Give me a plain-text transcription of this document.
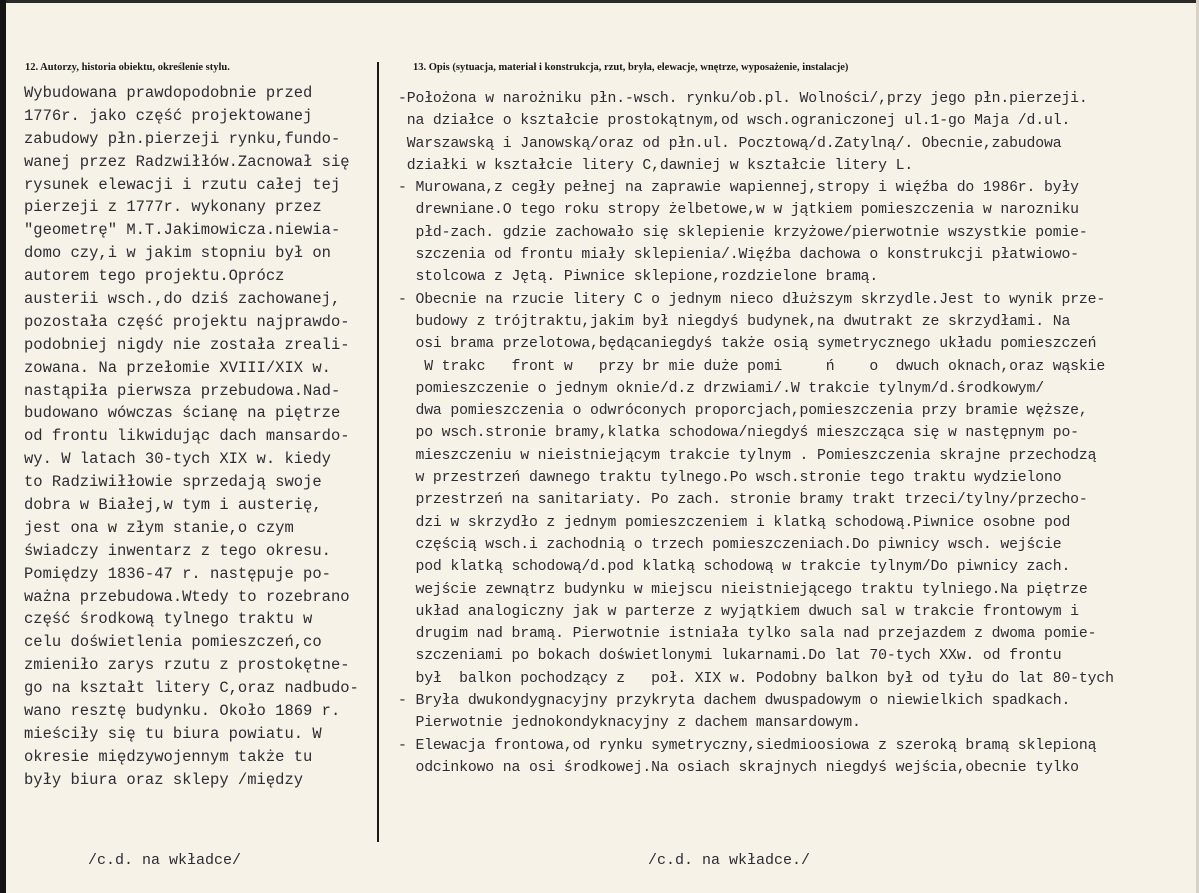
12. Autorzy, historia obiektu, określenie stylu.	13. Opis (sytuacja, materiał i konstrukcja, rzut, bryła, elewacje, wnętrze, wyposażenie, instalacje)
Wybudowana prawdopodobnie przed
1776r. jako część projektowanej
zabudowy płn.pierzeji rynku,fundo-
wanej przez Radzwiłłów.Zacnował się
rysunek elewacji i rzutu całej tej
pierzeji z 1777r. wykonany przez
"geometrę" M.T.Jakimowicza.niewia-
domo czy,i w jakim stopniu był on
autorem tego projektu.Oprócz
austerii wsch.,do dziś zachowanej,
pozostała część projektu najprawdo-
podobniej nigdy nie została zreali-
zowana. Na przełomie XVIII/XIX w.
nastąpiła pierwsza przebudowa.Nad-
budowano wówczas ścianę na piętrze
od frontu likwidując dach mansardo-
wy. W latach 30-tych XIX w. kiedy
to Radziwiłłowie sprzedają swoje
dobra w Białej,w tym i austerię,
jest ona w złym stanie,o czym
świadczy inwentarz z tego okresu.
Pomiędzy 1836-47 r. następuje po-
ważna przebudowa.Wtedy to rozebrano
część środkową tylnego traktu w
celu doświetlenia pomieszczeń,co
zmieniło zarys rzutu z prostokętne-
go na kształt litery C,oraz nadbudo-
wano resztę budynku. Około 1869 r.
mieściły się tu biura powiatu. W
okresie międzywojennym także tu
były biura oraz sklepy /między
-Położona w narożniku płn.-wsch. rynku/ob.pl. Wolności/,przy jego płn.pierzeji.
na działce o kształcie prostokątnym,od wsch.ograniczonej ul.1-go Maja /d.ul.
Warszawską i Janowską/oraz od płn.ul. Pocztową/d.Zatylną/. Obecnie,zabudowa
działki w kształcie litery C,dawniej w kształcie litery L.
- Murowana,z cegły pełnej na zaprawie wapiennej,stropy i więźba do 1986r. były
drewniane.O tego roku stropy żelbetowe,w w jątkiem pomieszczenia w narozniku
płd-zach. gdzie zachowało się sklepienie krzyżowe/pierwotnie wszystkie pomie-
szczenia od frontu miały sklepienia/.Więźba dachowa o konstrukcji płatwiowo-
stolcowa z Jętą. Piwnice sklepione,rozdzielone bramą.
- Obecnie na rzucie litery C o jednym nieco dłuższym skrzydle.Jest to wynik prze-
budowy z trójtraktu,jakim był niegdyś budynek,na dwutrakt ze skrzydłami. Na
osi brama przelotowa,będącaniegdyś także osią symetrycznego układu pomieszczeń
W trakc   front w   przy br mie duże pomi     ń    o  dwuch oknach,oraz wąskie
pomieszczenie o jednym oknie/d.z drzwiami/.W trakcie tylnym/d.środkowym/
dwa pomieszczenia o odwróconych proporcjach,pomieszczenia przy bramie węższe,
po wsch.stronie bramy,klatka schodowa/niegdyś mieszcząca się w następnym po-
mieszczeniu w nieistniejącym trakcie tylnym . Pomieszczenia skrajne przechodzą
w przestrzeń dawnego traktu tylnego.Po wsch.stronie tego traktu wydzielono
przestrzeń na sanitariaty. Po zach. stronie bramy trakt trzeci/tylny/przecho-
dzi w skrzydło z jednym pomieszczeniem i klatką schodową.Piwnice osobne pod
częścią wsch.i zachodnią o trzech pomieszczeniach.Do piwnicy wsch. wejście
pod klatką schodową/d.pod klatką schodową w trakcie tylnym/Do piwnicy zach.
wejście zewnątrz budynku w miejscu nieistniejącego traktu tylniego.Na piętrze
układ analogiczny jak w parterze z wyjątkiem dwuch sal w trakcie frontowym i
drugim nad bramą. Pierwotnie istniała tylko sala nad przejazdem z dwoma pomie-
szczeniami po bokach doświetlonymi lukarnami.Do lat 70-tych XXw. od frontu
był  balkon pochodzący z   poł. XIX w. Podobny balkon był od tyłu do lat 80-tych
- Bryła dwukondygnacyjny przykryta dachem dwuspadowym o niewielkich spadkach.
Pierwotnie jednokondyknacyjny z dachem mansardowym.
- Elewacja frontowa,od rynku symetryczny,siedmioosiowa z szeroką bramą sklepioną
odcinkowo na osi środkowej.Na osiach skrajnych niegdyś wejścia,obecnie tylko
/c.d. na wkładce/	/c.d. na wkładce./
